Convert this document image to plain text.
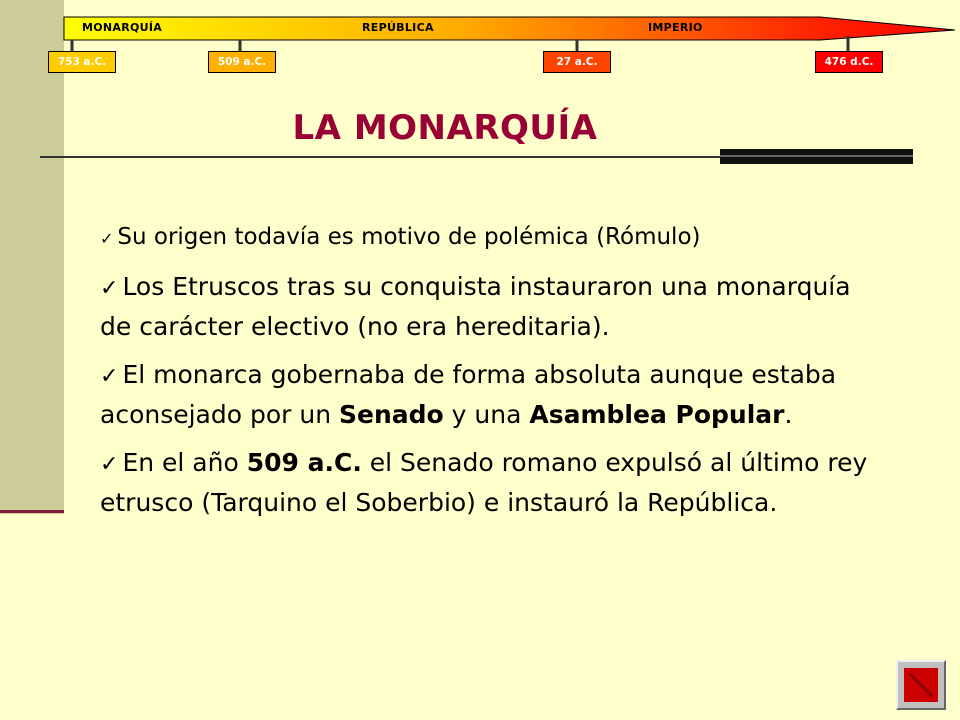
MONARQUÍA	REPÚBLICA	IMPERIO
753 a.C.	509 a.C.	27 a.C.	476 d.C.
LA MONARQUÍA
✓ Su origen todavía es motivo de polémica (Rómulo)
✓ Los Etruscos tras su conquista instauraron una monarquía de carácter electivo (no era hereditaria).
✓ El monarca gobernaba de forma absoluta aunque estaba aconsejado por un Senado y una Asamblea Popular.
✓ En el año 509 a.C. el Senado romano expulsó al último rey etrusco (Tarquino el Soberbio) e instauró la República.
